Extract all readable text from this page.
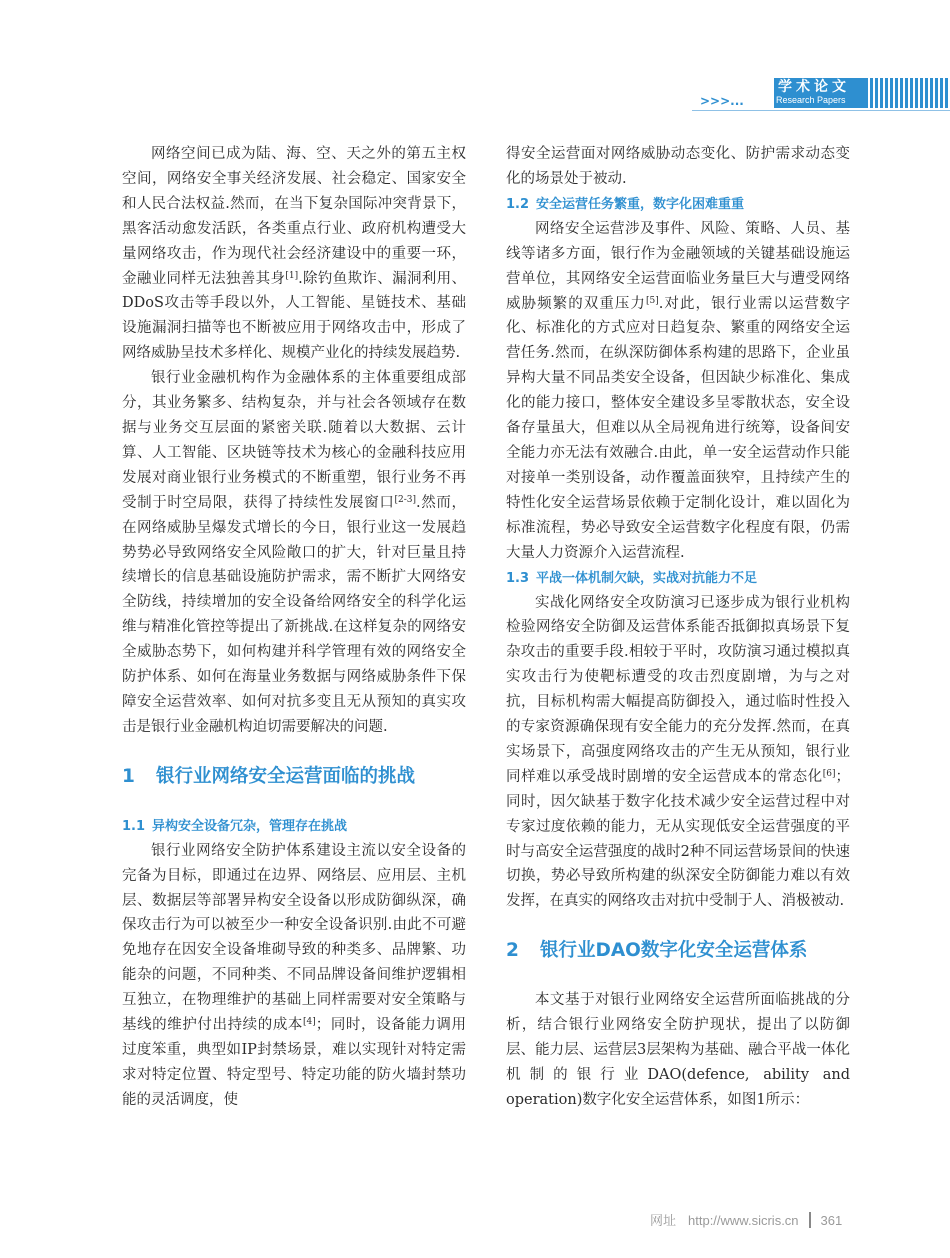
>>>...
学术论文
Research Papers

网络空间已成为陆、海、空、天之外的第五主权空间，网络安全事关经济发展、社会稳定、国家安全和人民合法权益.然而，在当下复杂国际冲突背景下，黑客活动愈发活跃，各类重点行业、政府机构遭受大量网络攻击，作为现代社会经济建设中的重要一环，金融业同样无法独善其身[1].除钓鱼欺诈、漏洞利用、DDoS攻击等手段以外，人工智能、星链技术、基础设施漏洞扫描等也不断被应用于网络攻击中，形成了网络威胁呈技术多样化、规模产业化的持续发展趋势.

银行业金融机构作为金融体系的主体重要组成部分，其业务繁多、结构复杂，并与社会各领域存在数据与业务交互层面的紧密关联.随着以大数据、云计算、人工智能、区块链等技术为核心的金融科技应用发展对商业银行业务模式的不断重塑，银行业务不再受制于时空局限，获得了持续性发展窗口[2-3].然而，在网络威胁呈爆发式增长的今日，银行业这一发展趋势势必导致网络安全风险敞口的扩大，针对巨量且持续增长的信息基础设施防护需求，需不断扩大网络安全防线，持续增加的安全设备给网络安全的科学化运维与精准化管控等提出了新挑战.在这样复杂的网络安全威胁态势下，如何构建并科学管理有效的网络安全防护体系、如何在海量业务数据与网络威胁条件下保障安全运营效率、如何对抗多变且无从预知的真实攻击是银行业金融机构迫切需要解决的问题.

1 银行业网络安全运营面临的挑战
1.1 异构安全设备冗杂，管理存在挑战

银行业网络安全防护体系建设主流以安全设备的完备为目标，即通过在边界、网络层、应用层、主机层、数据层等部署异构安全设备以形成防御纵深，确保攻击行为可以被至少一种安全设备识别.由此不可避免地存在因安全设备堆砌导致的种类多、品牌繁、功能杂的问题，不同种类、不同品牌设备间维护逻辑相互独立，在物理维护的基础上同样需要对安全策略与基线的维护付出持续的成本[4]；同时，设备能力调用过度笨重，典型如IP封禁场景，难以实现针对特定需求对特定位置、特定型号、特定功能的防火墙封禁功能的灵活调度，使

得安全运营面对网络威胁动态变化、防护需求动态变化的场景处于被动.

1.2 安全运营任务繁重，数字化困难重重

网络安全运营涉及事件、风险、策略、人员、基线等诸多方面，银行作为金融领域的关键基础设施运营单位，其网络安全运营面临业务量巨大与遭受网络威胁频繁的双重压力[5].对此，银行业需以运营数字化、标准化的方式应对日趋复杂、繁重的网络安全运营任务.然而，在纵深防御体系构建的思路下，企业虽异构大量不同品类安全设备，但因缺少标准化、集成化的能力接口，整体安全建设多呈零散状态，安全设备存量虽大，但难以从全局视角进行统筹，设备间安全能力亦无法有效融合.由此，单一安全运营动作只能对接单一类别设备，动作覆盖面狭窄，且持续产生的特性化安全运营场景依赖于定制化设计，难以固化为标准流程，势必导致安全运营数字化程度有限，仍需大量人力资源介入运营流程.

1.3 平战一体机制欠缺，实战对抗能力不足

实战化网络安全攻防演习已逐步成为银行业机构检验网络安全防御及运营体系能否抵御拟真场景下复杂攻击的重要手段.相较于平时，攻防演习通过模拟真实攻击行为使靶标遭受的攻击烈度剧增，为与之对抗，目标机构需大幅提高防御投入，通过临时性投入的专家资源确保现有安全能力的充分发挥.然而，在真实场景下，高强度网络攻击的产生无从预知，银行业同样难以承受战时剧增的安全运营成本的常态化[6]；同时，因欠缺基于数字化技术减少安全运营过程中对专家过度依赖的能力，无从实现低安全运营强度的平时与高安全运营强度的战时2种不同运营场景间的快速切换，势必导致所构建的纵深安全防御能力难以有效发挥，在真实的网络攻击对抗中受制于人、消极被动.

2 银行业DAO数字化安全运营体系

本文基于对银行业网络安全运营所面临挑战的分析，结合银行业网络安全防护现状，提出了以防御层、能力层、运营层3层架构为基础、融合平战一体化机制的银行业DAO(defence, ability and operation)数字化安全运营体系，如图1所示：

网址 http://www.sicris.cn 361
